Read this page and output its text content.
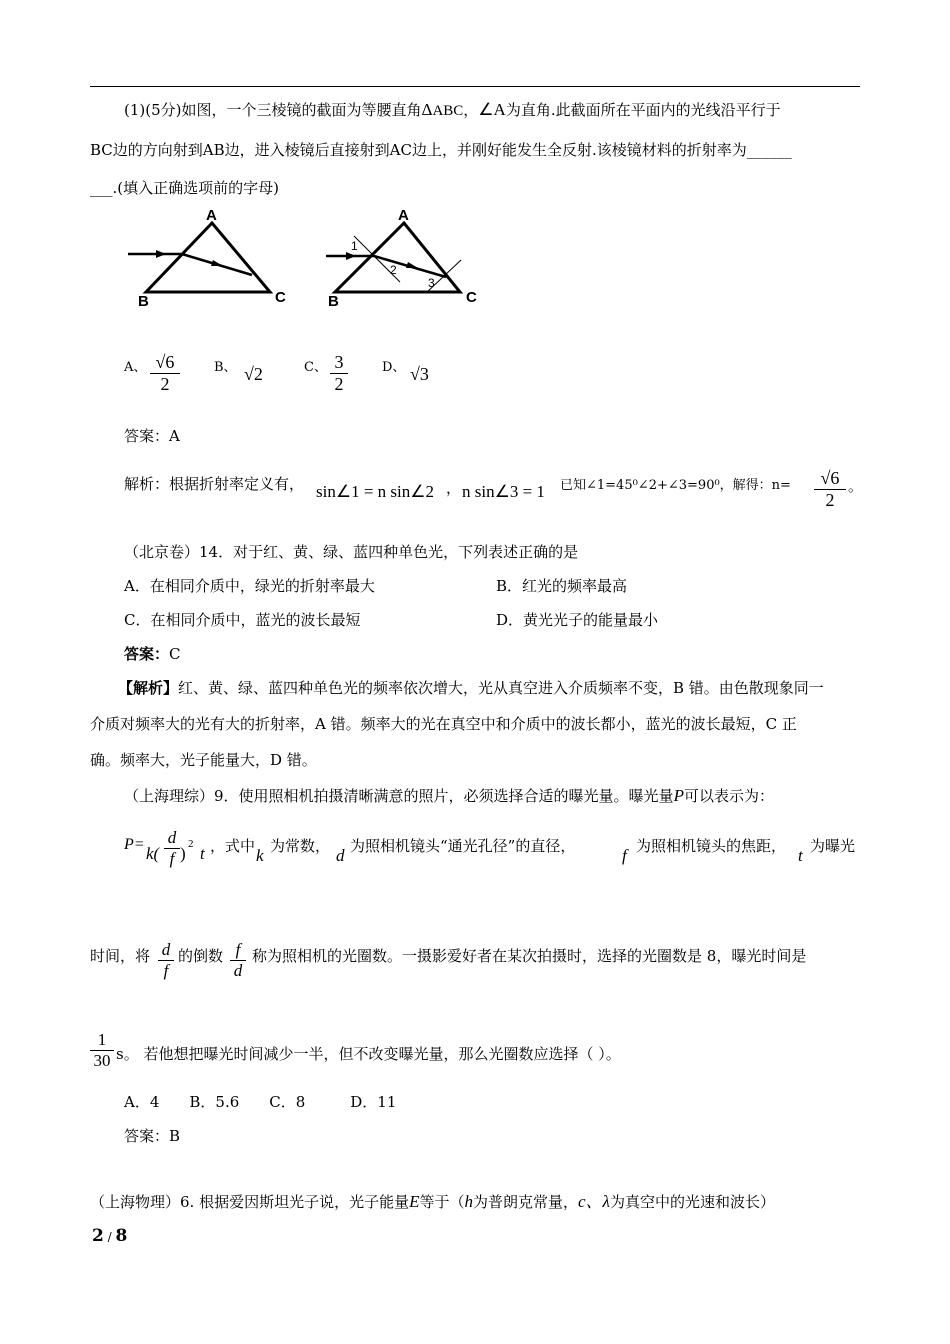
(1)(5分)如图，一个三棱镜的截面为等腰直角ΔABC，∠A为直角.此截面所在平面内的光线沿平行于
BC边的方向射到AB边，进入棱镜后直接射到AC边上，并刚好能发生全反射.该棱镜材料的折射率为______
___.(填入正确选项前的字母)
A
B	C
1
2
3
A
B	C
A、 √6
2
B、 √2	C、 3
2
D、 √3
答案：A
解析：根据折射率定义有， sin∠1 = n sin∠2 ， n sin∠3 = 1 已知∠1=45⁰∠2+∠3=90⁰，解得：n=	√6
2
。
（北京卷）14．对于红、黄、绿、蓝四种单色光，下列表述正确的是
A．在相同介质中，绿光的折射率最大	B．红光的频率最高
C．在相同介质中，蓝光的波长最短	D．黄光光子的能量最小
答案：C
【解析】红、黄、绿、蓝四种单色光的频率依次增大，光从真空进入介质频率不变，B 错。由色散现象同一
介质对频率大的光有大的折射率，A 错。频率大的光在真空中和介质中的波长都小，蓝光的波长最短，C 正
确。频率大，光子能量大，D 错。
（上海理综）9．使用照相机拍摄清晰满意的照片，必须选择合适的曝光量。曝光量P可以表示为：
P= k(
d
f ) 2 t ，式中 k 为常数， d 为照相机镜头“通光孔径”的直径，	f 为照相机镜头的焦距， t 为曝光
时间，将 d
f
的倒数 f
d
称为照相机的光圈数。一摄影爱好者在某次拍摄时，选择的光圈数是 8，曝光时间是
1
30 s。 若他想把曝光时间减少一半，但不改变曝光量，那么光圈数应选择（ ）。
A．4　　B．5.6　　C．8　　　D．11
答案：B
（上海物理）6. 根据爱因斯坦光子说，光子能量E等于（h为普朗克常量，c、λ为真空中的光速和波长）
2 / 8
